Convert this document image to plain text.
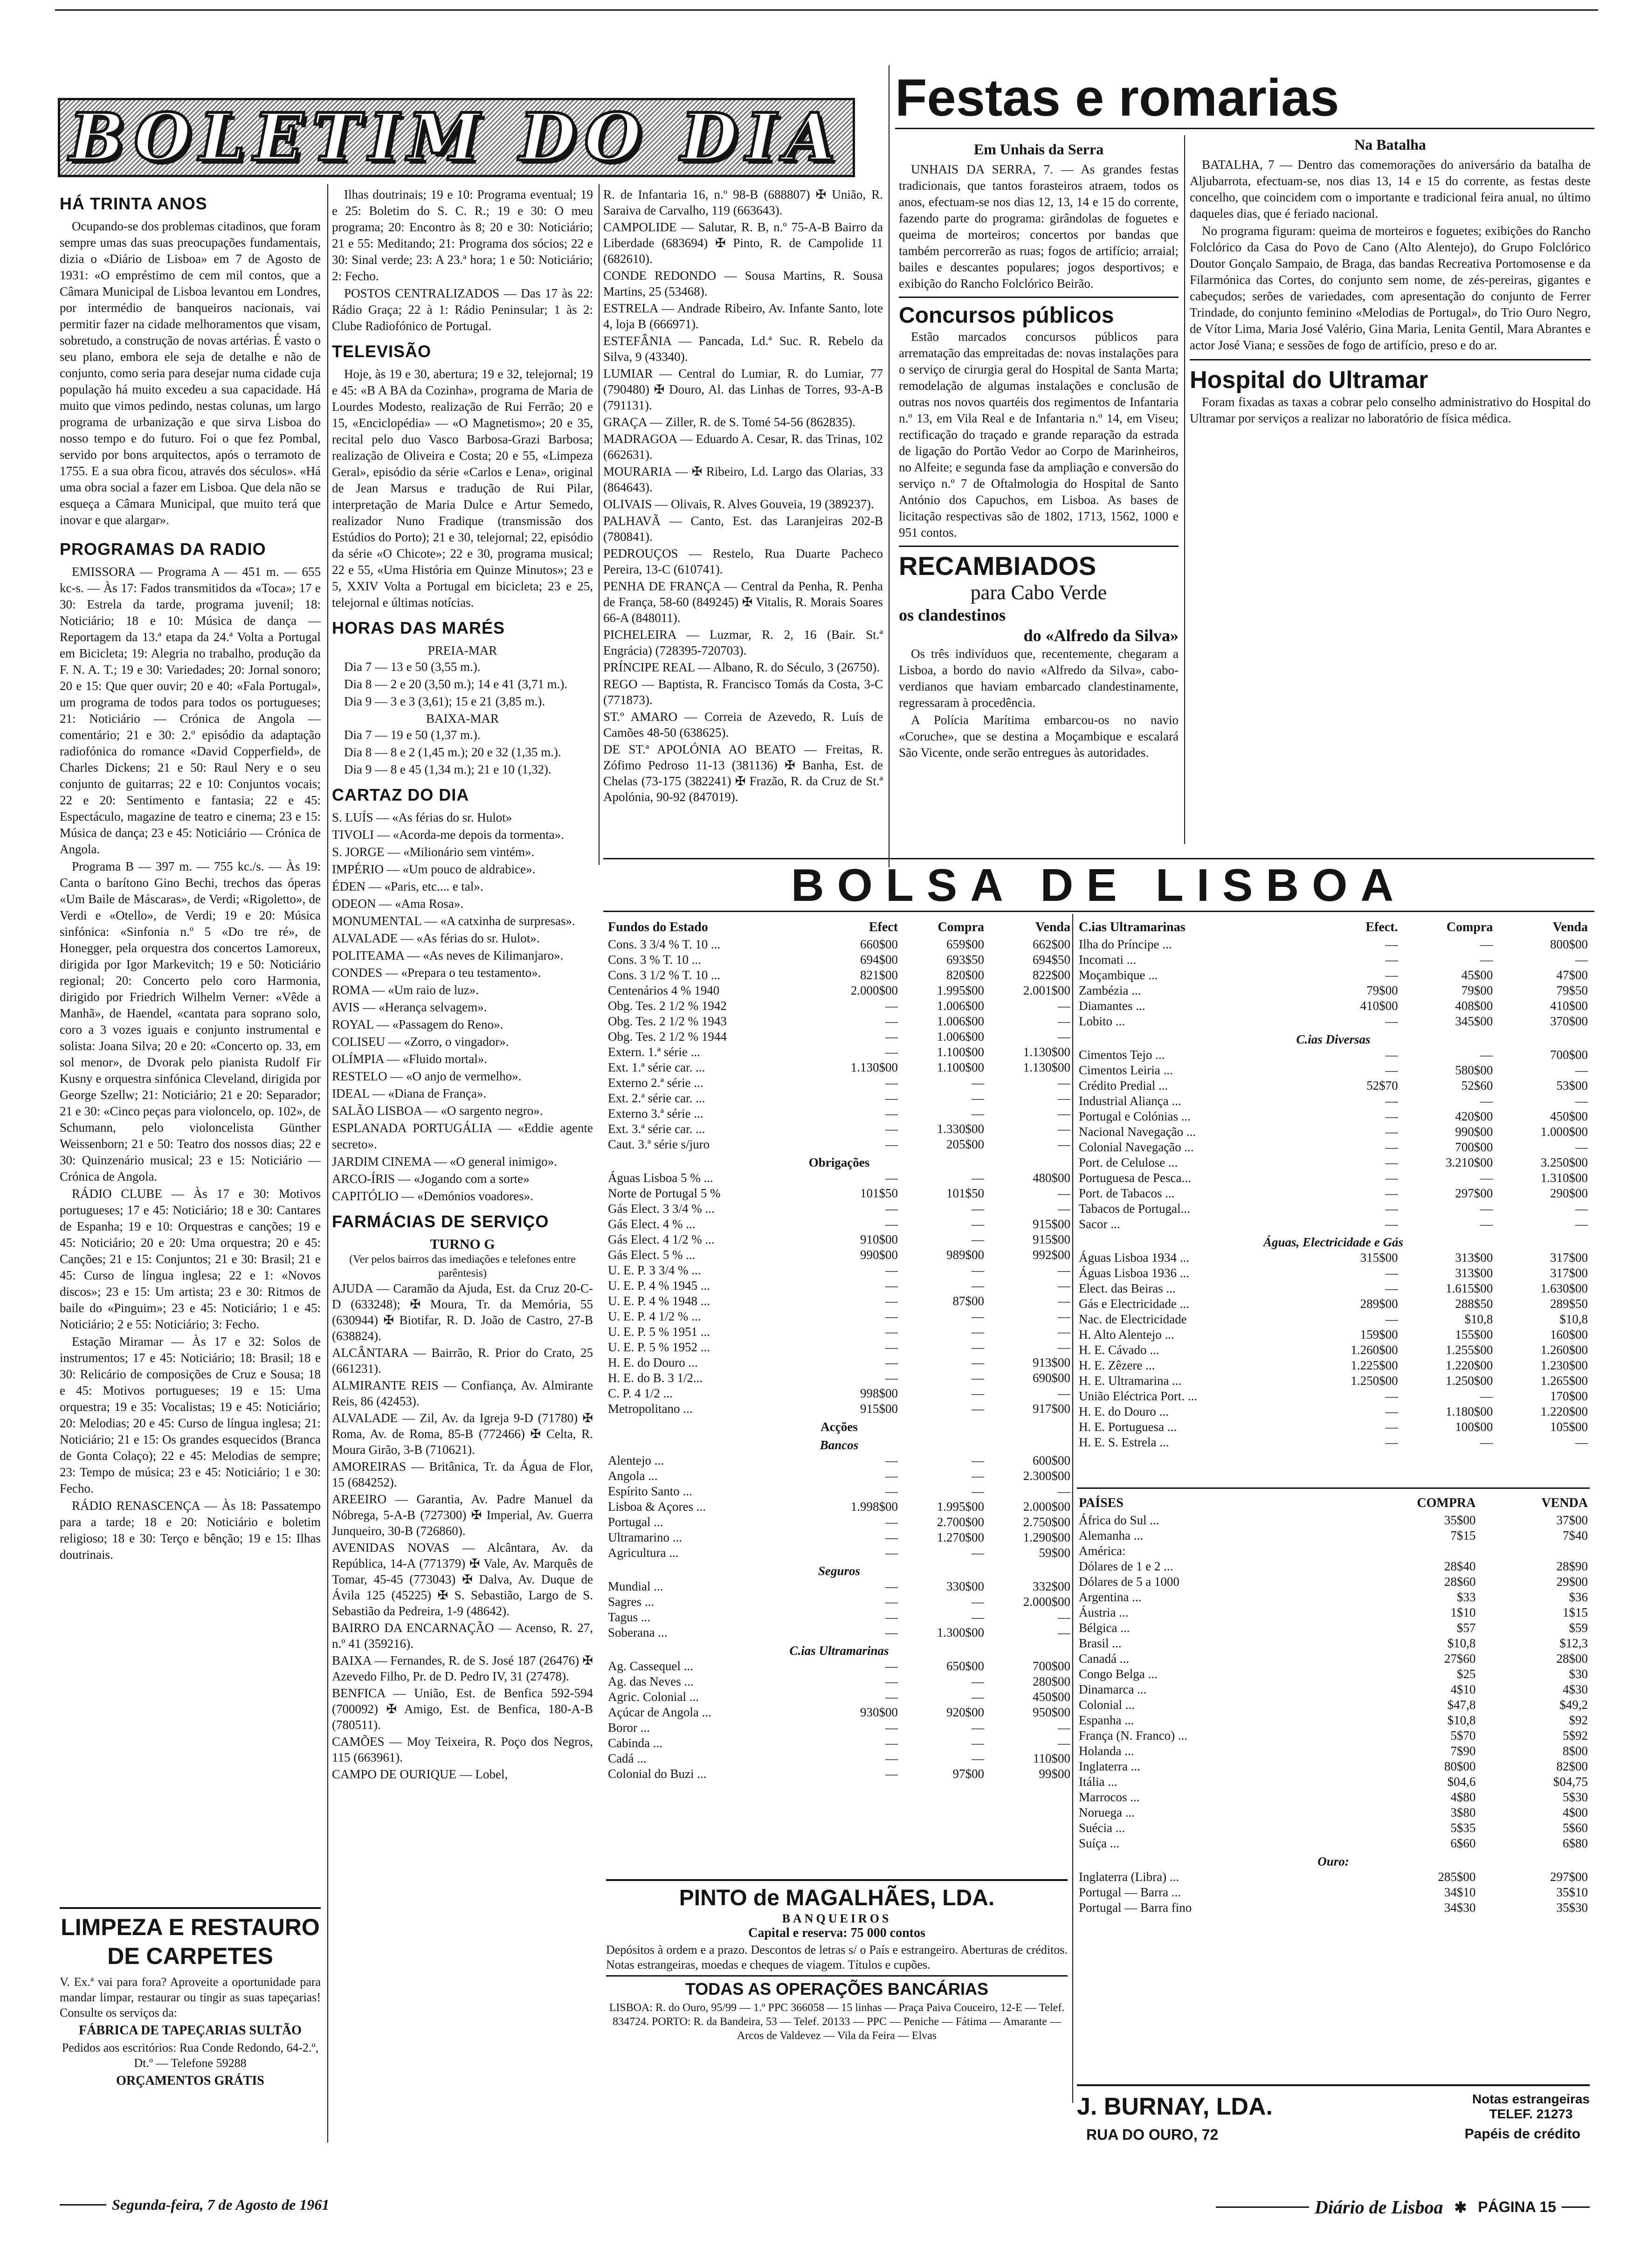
BOLETIM DO DIA
HÁ TRINTA ANOS

Ocupando-se dos problemas citadinos, que foram sempre umas das suas preocupações fundamentais, dizia o «Diário de Lisboa» em 7 de Agosto de 1931: «O empréstimo de cem mil contos, que a Câmara Municipal de Lisboa levantou em Londres, por intermédio de banqueiros nacionais, vai permitir fazer na cidade melhoramentos que visam, sobretudo, a construção de novas artérias. É vasto o seu plano, embora ele seja de detalhe e não de conjunto, como seria para desejar numa cidade cuja população há muito excedeu a sua capacidade. Há muito que vimos pedindo, nestas colunas, um largo programa de urbanização e que sirva Lisboa do nosso tempo e do futuro. Foi o que fez Pombal, servido por bons arquitectos, após o terramoto de 1755. E a sua obra ficou, através dos séculos». «Há uma obra social a fazer em Lisboa. Que dela não se esqueça a Câmara Municipal, que muito terá que inovar e que alargar».

PROGRAMAS DA RADIO

EMISSORA — Programa A — 451 m. — 655 kc-s. — Às 17: Fados transmitidos da «Toca»; 17 e 30: Estrela da tarde, programa juvenil; 18: Noticiário; 18 e 10: Música de dança — Reportagem da 13.ª etapa da 24.ª Volta a Portugal em Bicicleta; 19: Alegria no trabalho, produção da F. N. A. T.; 19 e 30: Variedades; 20: Jornal sonoro; 20 e 15: Que quer ouvir; 20 e 40: «Fala Portugal», um programa de todos para todos os portugueses; 21: Noticiário — Crónica de Angola — comentário; 21 e 30: 2.º episódio da adaptação radiofónica do romance «David Copperfield», de Charles Dickens; 21 e 50: Raul Nery e o seu conjunto de guitarras; 22 e 10: Conjuntos vocais; 22 e 20: Sentimento e fantasia; 22 e 45: Espectáculo, magazine de teatro e cinema; 23 e 15: Música de dança; 23 e 45: Noticiário — Crónica de Angola.

Programa B — 397 m. — 755 kc./s. — Às 19: Canta o barítono Gino Bechi, trechos das óperas «Um Baile de Máscaras», de Verdi; «Rigoletto», de Verdi e «Otello», de Verdi; 19 e 20: Música sinfónica: «Sinfonia n.º 5 «Do tre ré», de Honegger, pela orquestra dos concertos Lamoreux, dirigida por Igor Markevitch; 19 e 50: Noticiário regional; 20: Concerto pelo coro Harmonia, dirigido por Friedrich Wilhelm Verner: «Vêde a Manhã», de Haendel, «cantata para soprano solo, coro a 3 vozes iguais e conjunto instrumental e solista: Joana Silva; 20 e 20: «Concerto op. 33, em sol menor», de Dvorak pelo pianista Rudolf Fir Kusny e orquestra sinfónica Cleveland, dirigida por George Szellw; 21: Noticiário; 21 e 20: Separador; 21 e 30: «Cinco peças para violoncelo, op. 102», de Schumann, pelo violoncelista Günther Weissenborn; 21 e 50: Teatro dos nossos dias; 22 e 30: Quinzenário musical; 23 e 15: Noticiário — Crónica de Angola.

RÁDIO CLUBE — Às 17 e 30: Motivos portugueses; 17 e 45: Noticiário; 18 e 30: Cantares de Espanha; 19 e 10: Orquestras e canções; 19 e 45: Noticiário; 20 e 20: Uma orquestra; 20 e 45: Canções; 21 e 15: Conjuntos; 21 e 30: Brasil; 21 e 45: Curso de língua inglesa; 22 e 1: «Novos discos»; 23 e 15: Um artista; 23 e 30: Ritmos de baile do «Pinguim»; 23 e 45: Noticiário; 1 e 45: Noticiário; 2 e 55: Noticiário; 3: Fecho.

Estação Miramar — Às 17 e 32: Solos de instrumentos; 17 e 45: Noticiário; 18: Brasil; 18 e 30: Relicário de composições de Cruz e Sousa; 18 e 45: Motivos portugueses; 19 e 15: Uma orquestra; 19 e 35: Vocalistas; 19 e 45: Noticiário; 20: Melodias; 20 e 45: Curso de língua inglesa; 21: Noticiário; 21 e 15: Os grandes esquecidos (Branca de Gonta Colaço); 22 e 45: Melodias de sempre; 23: Tempo de música; 23 e 45: Noticiário; 1 e 30: Fecho.

RÁDIO RENASCENÇA — Às 18: Passatempo para a tarde; 18 e 20: Noticiário e boletim religioso; 18 e 30: Terço e bênção; 19 e 15: Ilhas doutrinais.

LIMPEZA E RESTAURO DE CARPETES
V. Ex.ª vai para fora? Aproveite a oportunidade para mandar limpar, restaurar ou tingir as suas tapeçarias! Consulte os serviços da:
FÁBRICA DE TAPEÇARIAS SULTÃO
Pedidos aos escritórios: Rua Conde Redondo, 64-2.º, Dt.º — Telefone 59288
ORÇAMENTOS GRÁTIS

Ilhas doutrinais; 19 e 10: Programa eventual; 19 e 25: Boletim do S. C. R.; 19 e 30: O meu programa; 20: Encontro às 8; 20 e 30: Noticiário; 21 e 55: Meditando; 21: Programa dos sócios; 22 e 30: Sinal verde; 23: A 23.ª hora; 1 e 50: Noticiário; 2: Fecho.

POSTOS CENTRALIZADOS — Das 17 às 22: Rádio Graça; 22 à 1: Rádio Peninsular; 1 às 2: Clube Radiofónico de Portugal.

TELEVISÃO

Hoje, às 19 e 30, abertura; 19 e 32, telejornal; 19 e 45: «B A BA da Cozinha», programa de Maria de Lourdes Modesto, realização de Rui Ferrão; 20 e 15, «Enciclopédia» — «O Magnetismo»; 20 e 35, recital pelo duo Vasco Barbosa-Grazi Barbosa; realização de Oliveira e Costa; 20 e 55, «Limpeza Geral», episódio da série «Carlos e Lena», original de Jean Marsus e tradução de Rui Pilar, interpretação de Maria Dulce e Artur Semedo, realizador Nuno Fradique (transmissão dos Estúdios do Porto); 21 e 30, telejornal; 22, episódio da série «O Chicote»; 22 e 30, programa musical; 22 e 55, «Uma História em Quinze Minutos»; 23 e 5, XXIV Volta a Portugal em bicicleta; 23 e 25, telejornal e últimas notícias.

HORAS DAS MARÉS
PREIA-MAR

Dia 7 — 13 e 50 (3,55 m.).

Dia 8 — 2 e 20 (3,50 m.); 14 e 41 (3,71 m.).

Dia 9 — 3 e 3 (3,61); 15 e 21 (3,85 m.).

BAIXA-MAR

Dia 7 — 19 e 50 (1,37 m.).

Dia 8 — 8 e 2 (1,45 m.); 20 e 32 (1,35 m.).

Dia 9 — 8 e 45 (1,34 m.); 21 e 10 (1,32).

CARTAZ DO DIA

S. LUÍS — «As férias do sr. Hulot»

TIVOLI — «Acorda-me depois da tormenta».

S. JORGE — «Milionário sem vintém».

IMPÉRIO — «Um pouco de aldrabice».

ÉDEN — «Paris, etc.... e tal».

ODEON — «Ama Rosa».

MONUMENTAL — «A catxinha de surpresas».

ALVALADE — «As férias do sr. Hulot».

POLITEAMA — «As neves de Kilimanjaro».

CONDES — «Prepara o teu testamento».

ROMA — «Um raio de luz».

AVIS — «Herança selvagem».

ROYAL — «Passagem do Reno».

COLISEU — «Zorro, o vingador».

OLÍMPIA — «Fluido mortal».

RESTELO — «O anjo de vermelho».

IDEAL — «Diana de França».

SALÃO LISBOA — «O sargento negro».

ESPLANADA PORTUGÁLIA — «Eddie agente secreto».

JARDIM CINEMA — «O general inimigo».

ARCO-ÍRIS — «Jogando com a sorte»

CAPITÓLIO — «Demónios voadores».

FARMÁCIAS DE SERVIÇO
TURNO G
(Ver pelos bairros das imediações e telefones entre parêntesis)

AJUDA — Caramão da Ajuda, Est. da Cruz 20-C-D (633248); ✠ Moura, Tr. da Memória, 55 (630944) ✠ Biotifar, R. D. João de Castro, 27-B (638824).

ALCÂNTARA — Bairrão, R. Prior do Crato, 25 (661231).

ALMIRANTE REIS — Confiança, Av. Almirante Reis, 86 (42453).

ALVALADE — Zil, Av. da Igreja 9-D (71780) ✠ Roma, Av. de Roma, 85-B (772466) ✠ Celta, R. Moura Girão, 3-B (710621).

AMOREIRAS — Britânica, Tr. da Água de Flor, 15 (684252).

AREEIRO — Garantia, Av. Padre Manuel da Nóbrega, 5-A-B (727300) ✠ Imperial, Av. Guerra Junqueiro, 30-B (726860).

AVENIDAS NOVAS — Alcântara, Av. da República, 14-A (771379) ✠ Vale, Av. Marquês de Tomar, 45-45 (773043) ✠ Dalva, Av. Duque de Ávila 125 (45225) ✠ S. Sebastião, Largo de S. Sebastião da Pedreira, 1-9 (48642).

BAIRRO DA ENCARNAÇÃO — Acenso, R. 27, n.º 41 (359216).

BAIXA — Fernandes, R. de S. José 187 (26476) ✠ Azevedo Filho, Pr. de D. Pedro IV, 31 (27478).

BENFICA — União, Est. de Benfica 592-594 (700092) ✠ Amigo, Est. de Benfica, 180-A-B (780511).

CAMÕES — Moy Teixeira, R. Poço dos Negros, 115 (663961).

CAMPO DE OURIQUE — Lobel,

R. de Infantaria 16, n.º 98-B (688807) ✠ União, R. Saraiva de Carvalho, 119 (663643).

CAMPOLIDE — Salutar, R. B, n.º 75-A-B Bairro da Liberdade (683694) ✠ Pinto, R. de Campolide 11 (682610).

CONDE REDONDO — Sousa Martins, R. Sousa Martins, 25 (53468).

ESTRELA — Andrade Ribeiro, Av. Infante Santo, lote 4, loja B (666971).

ESTEFÂNIA — Pancada, Ld.ª Suc. R. Rebelo da Silva, 9 (43340).

LUMIAR — Central do Lumiar, R. do Lumiar, 77 (790480) ✠ Douro, Al. das Linhas de Torres, 93-A-B (791131).

GRAÇA — Ziller, R. de S. Tomé 54-56 (862835).

MADRAGOA — Eduardo A. Cesar, R. das Trinas, 102 (662631).

MOURARIA — ✠ Ribeiro, Ld. Largo das Olarias, 33 (864643).

OLIVAIS — Olivais, R. Alves Gouveia, 19 (389237).

PALHAVÃ — Canto, Est. das Laranjeiras 202-B (780841).

PEDROUÇOS — Restelo, Rua Duarte Pacheco Pereira, 13-C (610741).

PENHA DE FRANÇA — Central da Penha, R. Penha de França, 58-60 (849245) ✠ Vitalis, R. Morais Soares 66-A (848011).

PICHELEIRA — Luzmar, R. 2, 16 (Bair. St.ª Engrácia) (728395-720703).

PRÍNCIPE REAL — Albano, R. do Século, 3 (26750).

REGO — Baptista, R. Francisco Tomás da Costa, 3-C (771873).

ST.º AMARO — Correia de Azevedo, R. Luís de Camões 48-50 (638625).

DE ST.ª APOLÓNIA AO BEATO — Freitas, R. Zófimo Pedroso 11-13 (381136) ✠ Banha, Est. de Chelas (73-175 (382241) ✠ Frazão, R. da Cruz de St.ª Apolónia, 90-92 (847019).

Festas e romarias
Em Unhais da Serra

UNHAIS DA SERRA, 7. — As grandes festas tradicionais, que tantos forasteiros atraem, todos os anos, efectuam-se nos dias 12, 13, 14 e 15 do corrente, fazendo parte do programa: girândolas de foguetes e queima de morteiros; concertos por bandas que também percorrerão as ruas; fogos de artifício; arraial; bailes e descantes populares; jogos desportivos; e exibição do Rancho Folclórico Beirão.

Concursos públicos

Estão marcados concursos públicos para arrematação das empreitadas de: novas instalações para o serviço de cirurgia geral do Hospital de Santa Marta; remodelação de algumas instalações e conclusão de outras nos novos quartéis dos regimentos de Infantaria n.º 13, em Vila Real e de Infantaria n.º 14, em Viseu; rectificação do traçado e grande reparação da estrada de ligação do Portão Vedor ao Corpo de Marinheiros, no Alfeite; e segunda fase da ampliação e conversão do serviço n.º 7 de Oftalmologia do Hospital de Santo António dos Capuchos, em Lisboa. As bases de licitação respectivas são de 1802, 1713, 1562, 1000 e 951 contos.

RECAMBIADOS
para Cabo Verde
os clandestinos
do «Alfredo da Silva»

Os três indivíduos que, recentemente, chegaram a Lisboa, a bordo do navio «Alfredo da Silva», cabo-verdianos que haviam embarcado clandestinamente, regressaram à procedência.

A Polícia Marítima embarcou-os no navio «Coruche», que se destina a Moçambique e escalará São Vicente, onde serão entregues às autoridades.

Na Batalha

BATALHA, 7 — Dentro das comemorações do aniversário da batalha de Aljubarrota, efectuam-se, nos dias 13, 14 e 15 do corrente, as festas deste concelho, que coincidem com o importante e tradicional feira anual, no último daqueles dias, que é feriado nacional.

No programa figuram: queima de morteiros e foguetes; exibições do Rancho Folclórico da Casa do Povo de Cano (Alto Alentejo), do Grupo Folclórico Doutor Gonçalo Sampaio, de Braga, das bandas Recreativa Portomosense e da Filarmónica das Cortes, do conjunto sem nome, de zés-pereiras, gigantes e cabeçudos; serões de variedades, com apresentação do conjunto de Ferrer Trindade, do conjunto feminino «Melodias de Portugal», do Trio Ouro Negro, de Vítor Lima, Maria José Valério, Gina Maria, Lenita Gentil, Mara Abrantes e actor José Viana; e sessões de fogo de artifício, preso e do ar.

Hospital do Ultramar

Foram fixadas as taxas a cobrar pelo conselho administrativo do Hospital do Ultramar por serviços a realizar no laboratório de física médica.

BOLSA DE LISBOA
Fundos do Estado	Efect	Compra	Venda
Cons. 3 3/4 % T. 10 ...	660$00	659$00	662$00
Cons. 3 % T. 10 ...	694$00	693$50	694$50
Cons. 3 1/2 % T. 10 ...	821$00	820$00	822$00
Centenários 4 % 1940	2.000$00	1.995$00	2.001$00
Obg. Tes. 2 1/2 % 1942	—	1.006$00	—
Obg. Tes. 2 1/2 % 1943	—	1.006$00	—
Obg. Tes. 2 1/2 % 1944	—	1.006$00	—
Extern. 1.ª série ...	—	1.100$00	1.130$00
Ext. 1.ª série car. ...	1.130$00	1.100$00	1.130$00
Externo 2.ª série ...	—	—	—
Ext. 2.ª série car. ...	—	—	—
Externo 3.ª série ...	—	—	—
Ext. 3.ª série car. ...	—	1.330$00	—
Caut. 3.ª série s/juro	—	205$00	—
Obrigações			
Águas Lisboa 5 % ...	—	—	480$00
Norte de Portugal 5 %	101$50	101$50	—
Gás Elect. 3 3/4 % ...	—	—	—
Gás Elect. 4 % ...	—	—	915$00
Gás Elect. 4 1/2 % ...	910$00	—	915$00
Gás Elect. 5 % ...	990$00	989$00	992$00
U. E. P. 3 3/4 % ...	—	—	—
U. E. P. 4 % 1945 ...	—	—	—
U. E. P. 4 % 1948 ...	—	87$00	—
U. E. P. 4 1/2 % ...	—	—	—
U. E. P. 5 % 1951 ...	—	—	—
U. E. P. 5 % 1952 ...	—	—	—
H. E. do Douro ...	—	—	913$00
H. E. do B. 3 1/2...	—	—	690$00
C. P. 4 1/2 ...	998$00	—	—
Metropolitano ...	915$00	—	917$00
Acções			
Bancos			
Alentejo ...	—	—	600$00
Angola ...	—	—	2.300$00
Espírito Santo ...	—	—	—
Lisboa & Açores ...	1.998$00	1.995$00	2.000$00
Portugal ...	—	2.700$00	2.750$00
Ultramarino ...	—	1.270$00	1.290$00
Agricultura ...	—	—	59$00
Seguros			
Mundial ...	—	330$00	332$00
Sagres ...	—	—	2.000$00
Tagus ...	—	—	—
Soberana ...	—	1.300$00	—
C.ias Ultramarinas			
Ag. Cassequel ...	—	650$00	700$00
Ag. das Neves ...	—	—	280$00
Agric. Colonial ...	—	—	450$00
Açúcar de Angola ...	930$00	920$00	950$00
Boror ...	—	—	—
Cabinda ...	—	—	—
Cadá ...	—	—	110$00
Colonial do Buzi ...	—	97$00	99$00
C.ias Ultramarinas	Efect.	Compra	Venda
Ilha do Príncipe ...	—	—	800$00
Incomati ...	—	—	—
Moçambique ...	—	45$00	47$00
Zambézia ...	79$00	79$00	79$50
Diamantes ...	410$00	408$00	410$00
Lobito ...	—	345$00	370$00
C.ias Diversas			
Cimentos Tejo ...	—	—	700$00
Cimentos Leiria ...	—	580$00	—
Crédito Predial ...	52$70	52$60	53$00
Industrial Aliança ...	—	—	—
Portugal e Colónias ...	—	420$00	450$00
Nacional Navegação ...	—	990$00	1.000$00
Colonial Navegação ...	—	700$00	—
Port. de Celulose ...	—	3.210$00	3.250$00
Portuguesa de Pesca...	—	—	1.310$00
Port. de Tabacos ...	—	297$00	290$00
Tabacos de Portugal...	—	—	—
Sacor ...	—	—	—
Águas, Electricidade e Gás			
Águas Lisboa 1934 ...	315$00	313$00	317$00
Águas Lisboa 1936 ...	—	313$00	317$00
Elect. das Beiras ...	—	1.615$00	1.630$00
Gás e Electricidade ...	289$00	288$50	289$50
Nac. de Electricidade	—	$10,8	$10,8
H. Alto Alentejo ...	159$00	155$00	160$00
H. E. Cávado ...	1.260$00	1.255$00	1.260$00
H. E. Zêzere ...	1.225$00	1.220$00	1.230$00
H. E. Ultramarina ...	1.250$00	1.250$00	1.265$00
União Eléctrica Port. ...	—	—	170$00
H. E. do Douro ...	—	1.180$00	1.220$00
H. E. Portuguesa ...	—	100$00	105$00
H. E. S. Estrela ...	—	—	—
PAÍSES	COMPRA	VENDA
África do Sul ...	35$00	37$00
Alemanha ...	7$15	7$40
América:		
Dólares de 1 e 2 ...	28$40	28$90
Dólares de 5 a 1000	28$60	29$00
Argentina ...	$33	$36
Áustria ...	1$10	1$15
Bélgica ...	$57	$59
Brasil ...	$10,8	$12,3
Canadá ...	27$60	28$00
Congo Belga ...	$25	$30
Dinamarca ...	4$10	4$30
Colonial ...	$47,8	$49,2
Espanha ...	$10,8	$92
França (N. Franco) ...	5$70	5$92
Holanda ...	7$90	8$00
Inglaterra ...	80$00	82$00
Itália ...	$04,6	$04,75
Marrocos ...	4$80	5$30
Noruega ...	3$80	4$00
Suécia ...	5$35	5$60
Suíça ...	6$60	6$80
Ouro:		
Inglaterra (Libra) ...	285$00	297$00
Portugal — Barra ...	34$10	35$10
Portugal — Barra fino	34$30	35$30
PINTO de MAGALHÃES, LDA.
BANQUEIROS
Capital e reserva: 75 000 contos
Depósitos à ordem e a prazo. Descontos de letras s/ o País e estrangeiro. Aberturas de créditos. Notas estrangeiras, moedas e cheques de viagem. Títulos e cupões.
TODAS AS OPERAÇÕES BANCÁRIAS
LISBOA: R. do Ouro, 95/99 — 1.º PPC 366058 — 15 linhas — Praça Paiva Couceiro, 12-E — Telef. 834724. PORTO: R. da Bandeira, 53 — Telef. 20133 — PPC — Peniche — Fátima — Amarante — Arcos de Valdevez — Vila da Feira — Elvas
J. BURNAY, LDA.	Notas estrangeiras
TELEF. 21273
RUA DO OURO, 72	Papéis de crédito
Segunda-feira, 7 de Agosto de 1961	Diário de Lisboa ✱ PÁGINA 15
